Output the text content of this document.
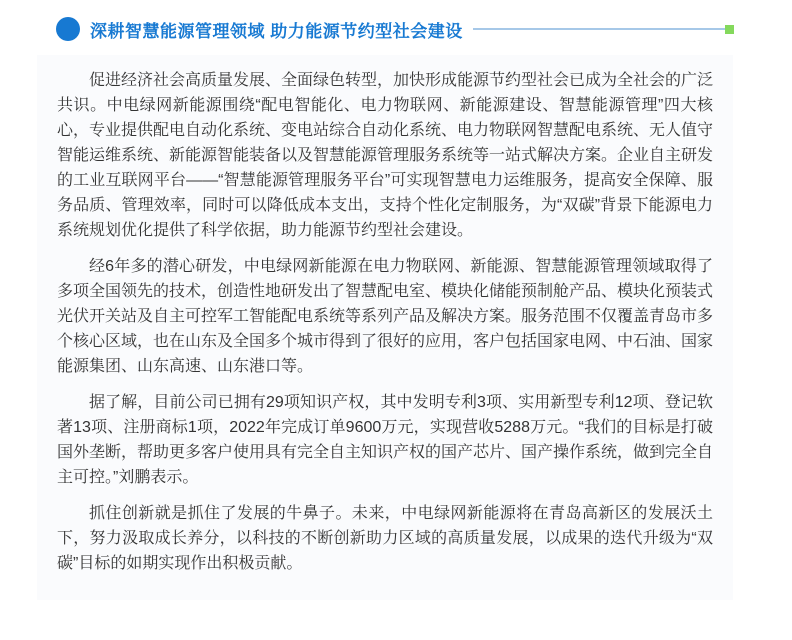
深耕智慧能源管理领域 助力能源节约型社会建设

促进经济社会高质量发展、全面绿色转型，加快形成能源节约型社会已成为全社会的广泛共识。中电绿网新能源围绕“配电智能化、电力物联网、新能源建设、智慧能源管理”四大核心，专业提供配电自动化系统、变电站综合自动化系统、电力物联网智慧配电系统、无人值守智能运维系统、新能源智能装备以及智慧能源管理服务系统等一站式解决方案。企业自主研发的工业互联网平台——“智慧能源管理服务平台”可实现智慧电力运维服务，提高安全保障、服务品质、管理效率，同时可以降低成本支出，支持个性化定制服务，为“双碳”背景下能源电力系统规划优化提供了科学依据，助力能源节约型社会建设。

经6年多的潜心研发，中电绿网新能源在电力物联网、新能源、智慧能源管理领域取得了多项全国领先的技术，创造性地研发出了智慧配电室、模块化储能预制舱产品、模块化预装式光伏开关站及自主可控军工智能配电系统等系列产品及解决方案。服务范围不仅覆盖青岛市多个核心区域，也在山东及全国多个城市得到了很好的应用，客户包括国家电网、中石油、国家能源集团、山东高速、山东港口等。

据了解，目前公司已拥有29项知识产权，其中发明专利3项、实用新型专利12项、登记软著13项、注册商标1项，2022年完成订单9600万元，实现营收5288万元。“我们的目标是打破国外垄断，帮助更多客户使用具有完全自主知识产权的国产芯片、国产操作系统，做到完全自主可控。”刘鹏表示。

抓住创新就是抓住了发展的牛鼻子。未来，中电绿网新能源将在青岛高新区的发展沃土下，努力汲取成长养分，以科技的不断创新助力区域的高质量发展，以成果的迭代升级为“双碳”目标的如期实现作出积极贡献。
